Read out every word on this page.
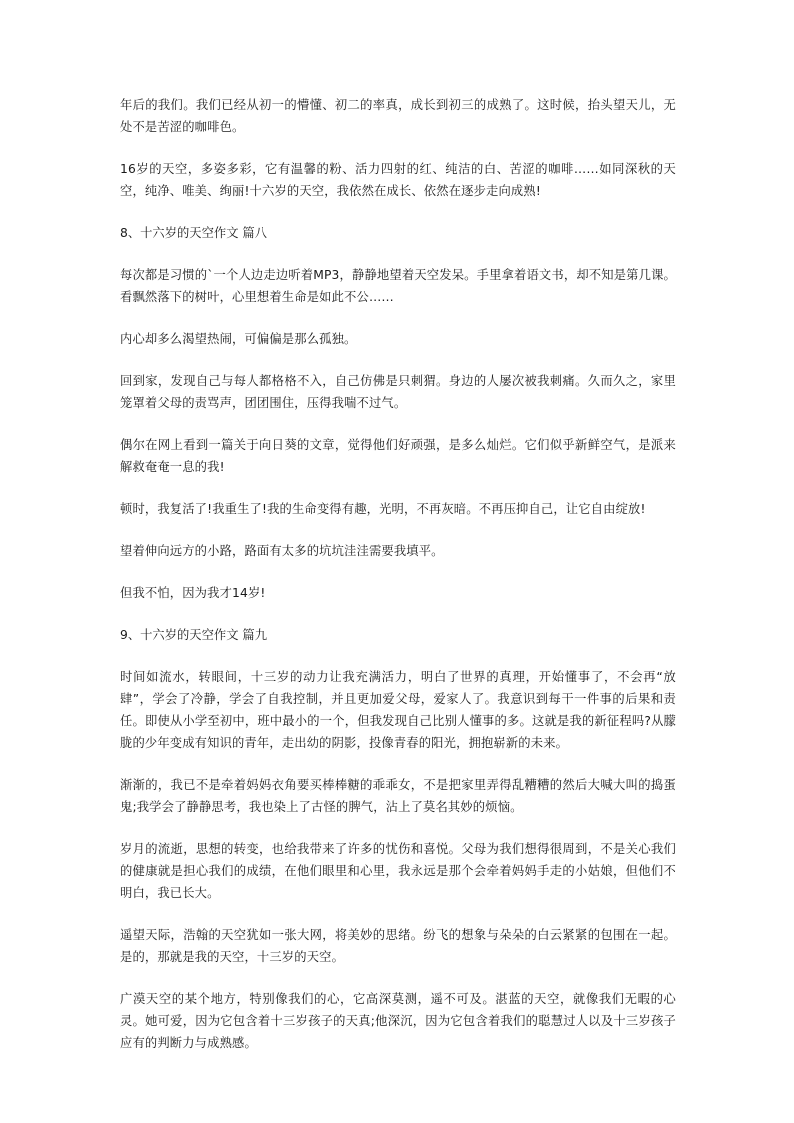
年后的我们。我们已经从初一的懵懂、初二的率真，成长到初三的成熟了。这时候，抬头望天儿，无处不是苦涩的咖啡色。

16岁的天空，多姿多彩，它有温馨的粉、活力四射的红、纯洁的白、苦涩的咖啡……如同深秋的天空，纯净、唯美、绚丽!十六岁的天空，我依然在成长、依然在逐步走向成熟!

8、十六岁的天空作文 篇八

每次都是习惯的`一个人边走边听着MP3，静静地望着天空发呆。手里拿着语文书，却不知是第几课。看飘然落下的树叶，心里想着生命是如此不公……

内心却多么渴望热闹，可偏偏是那么孤独。

回到家，发现自己与每人都格格不入，自己仿佛是只刺猬。身边的人屡次被我刺痛。久而久之，家里笼罩着父母的责骂声，团团围住，压得我喘不过气。

偶尔在网上看到一篇关于向日葵的文章，觉得他们好顽强，是多么灿烂。它们似乎新鲜空气，是派来解救奄奄一息的我!

顿时，我复活了!我重生了!我的生命变得有趣，光明，不再灰暗。不再压抑自己，让它自由绽放!

望着伸向远方的小路，路面有太多的坑坑洼洼需要我填平。

但我不怕，因为我才14岁!

9、十六岁的天空作文 篇九

时间如流水，转眼间，十三岁的动力让我充满活力，明白了世界的真理，开始懂事了，不会再“放肆”，学会了冷静，学会了自我控制，并且更加爱父母，爱家人了。我意识到每干一件事的后果和责任。即使从小学至初中，班中最小的一个，但我发现自己比别人懂事的多。这就是我的新征程吗?从朦胧的少年变成有知识的青年，走出幼的阴影，投像青春的阳光，拥抱崭新的未来。

渐渐的，我已不是牵着妈妈衣角要买棒棒糖的乖乖女，不是把家里弄得乱糟糟的然后大喊大叫的捣蛋鬼;我学会了静静思考，我也染上了古怪的脾气，沾上了莫名其妙的烦恼。

岁月的流逝，思想的转变，也给我带来了许多的忧伤和喜悦。父母为我们想得很周到，不是关心我们的健康就是担心我们的成绩，在他们眼里和心里，我永远是那个会牵着妈妈手走的小姑娘，但他们不明白，我已长大。

遥望天际，浩翰的天空犹如一张大网，将美妙的思绪。纷飞的想象与朵朵的白云紧紧的包围在一起。是的，那就是我的天空，十三岁的天空。

广漠天空的某个地方，特别像我们的心，它高深莫测，遥不可及。湛蓝的天空，就像我们无暇的心灵。她可爱，因为它包含着十三岁孩子的天真;他深沉，因为它包含着我们的聪慧过人以及十三岁孩子应有的判断力与成熟感。
